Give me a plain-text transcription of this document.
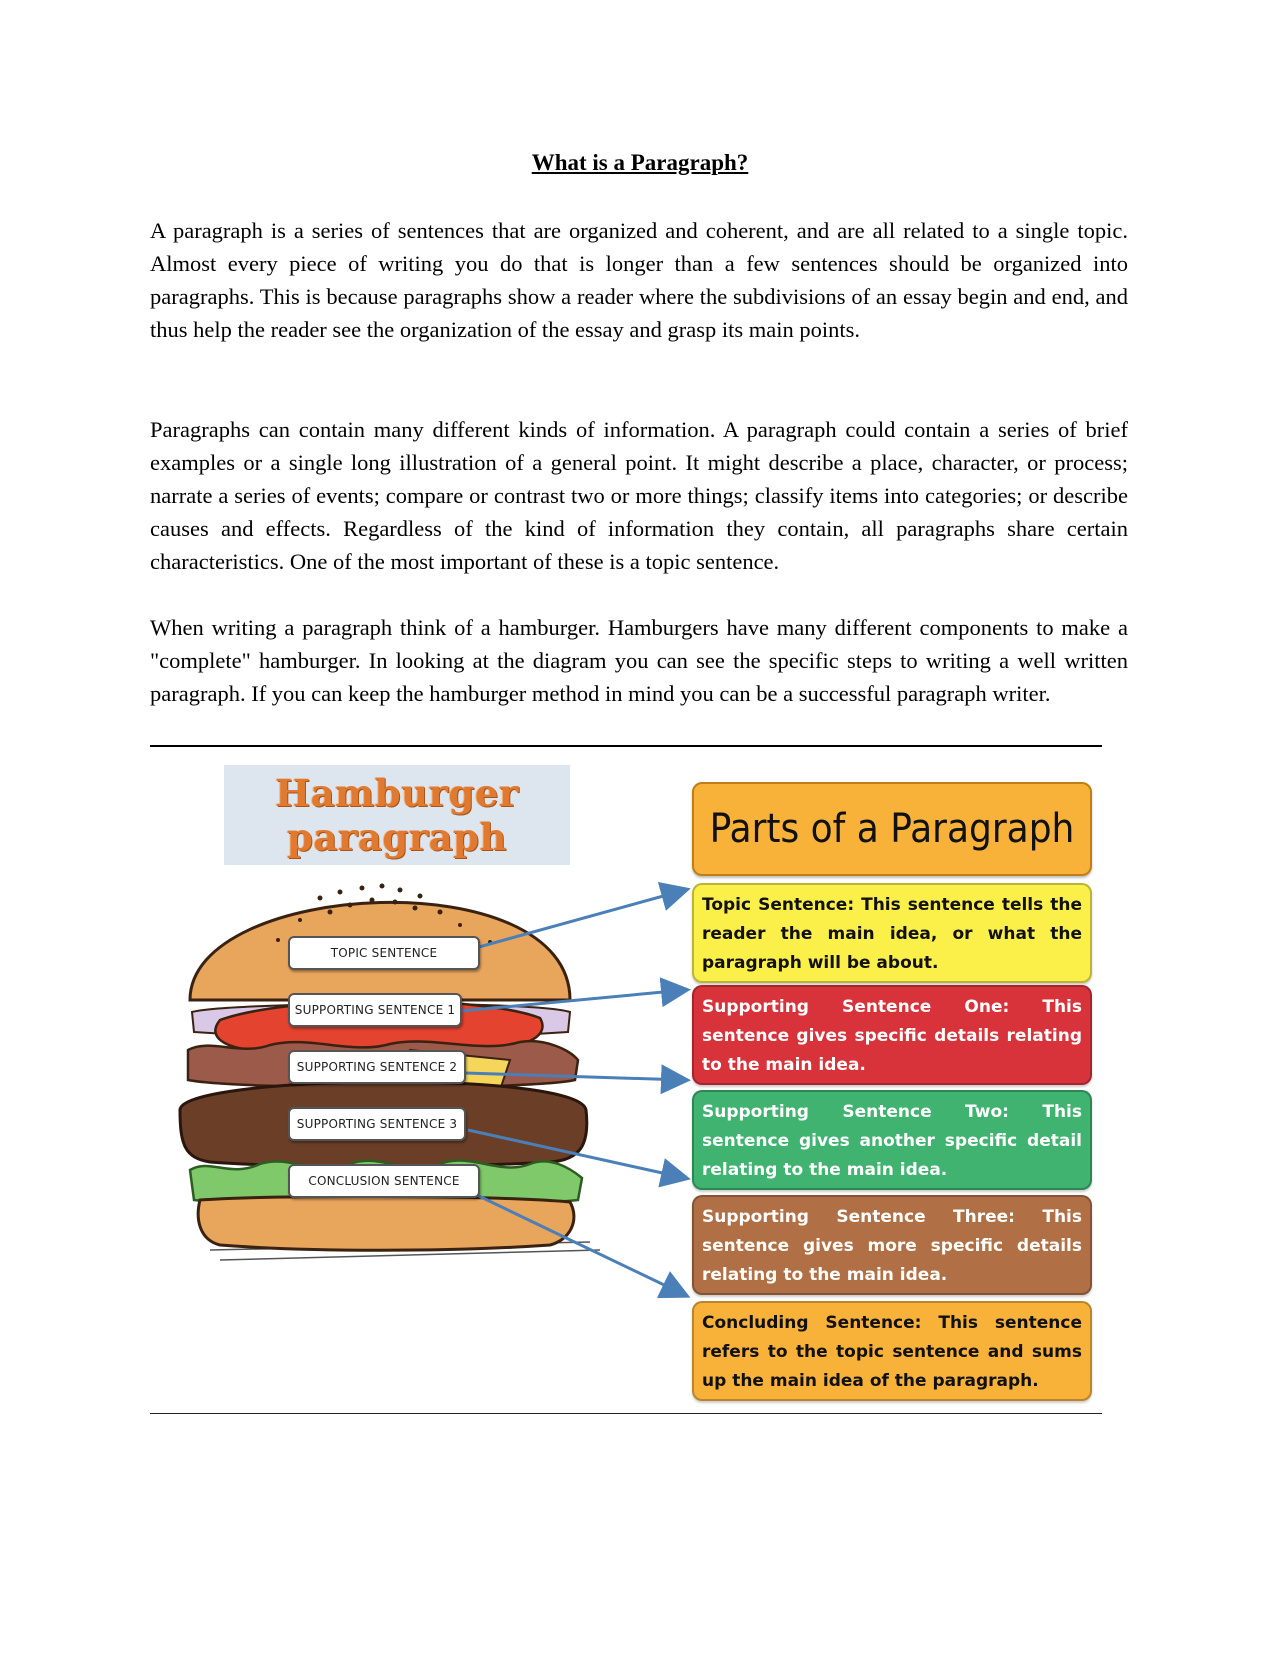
What is a Paragraph?

A paragraph is a series of sentences that are organized and coherent, and are all related to a single topic. Almost every piece of writing you do that is longer than a few sentences should be organized into paragraphs. This is because paragraphs show a reader where the subdivisions of an essay begin and end, and thus help the reader see the organization of the essay and grasp its main points.

Paragraphs can contain many different kinds of information. A paragraph could contain a series of brief examples or a single long illustration of a general point. It might describe a place, character, or process; narrate a series of events; compare or contrast two or more things; classify items into categories; or describe causes and effects. Regardless of the kind of information they contain, all paragraphs share certain characteristics. One of the most important of these is a topic sentence.

When writing a paragraph think of a hamburger. Hamburgers have many different components to make a "complete" hamburger. In looking at the diagram you can see the specific steps to writing a well written paragraph. If you can keep the hamburger method in mind you can be a successful paragraph writer.

Hamburger
paragraph
TOPIC SENTENCE
SUPPORTING SENTENCE 1
SUPPORTING SENTENCE 2
SUPPORTING SENTENCE 3
CONCLUSION SENTENCE
Parts of a Paragraph
Topic Sentence: This sentence tells the reader the main idea, or what the paragraph will be about.
Supporting Sentence One: This sentence gives specific details relating to the main idea.
Supporting Sentence Two: This sentence gives another specific detail relating to the main idea.
Supporting Sentence Three: This sentence gives more specific details relating to the main idea.
Concluding Sentence: This sentence refers to the topic sentence and sums up the main idea of the paragraph.
